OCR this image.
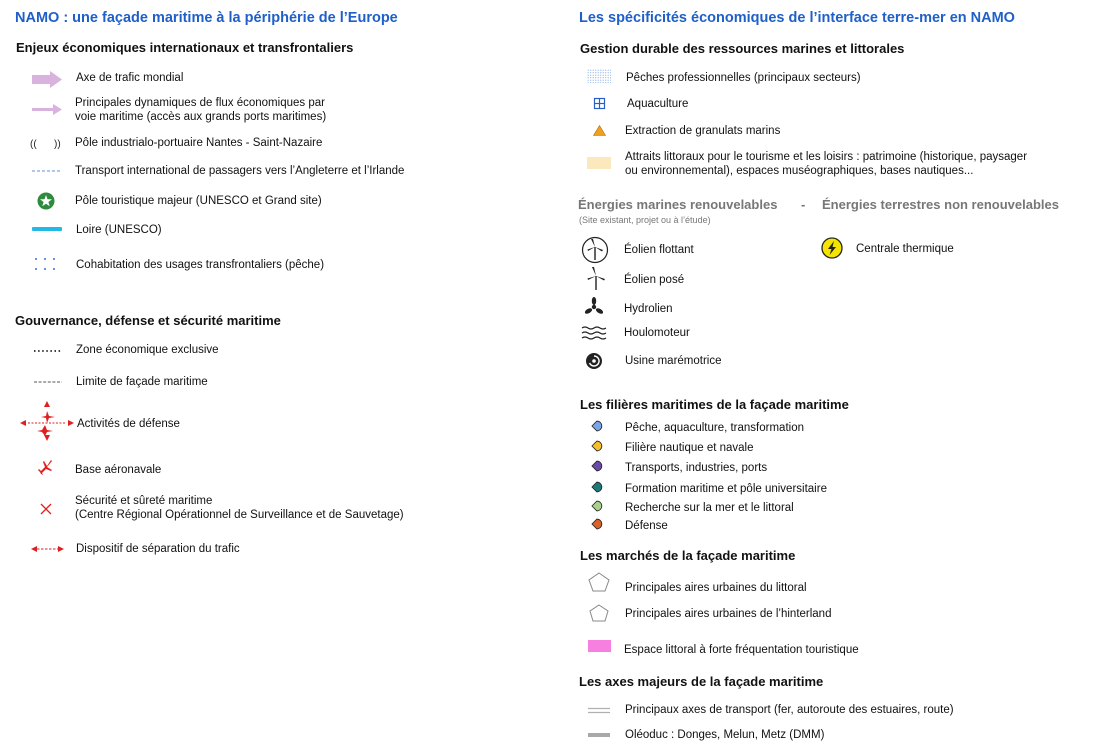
NAMO : une façade maritime à la périphérie de l’Europe
Enjeux économiques internationaux et transfrontaliers
Axe de trafic mondial
Principales dynamiques de flux économiques par
voie maritime (accès aux grands ports maritimes)
(( )) Pôle industrialo-portuaire Nantes - Saint-Nazaire
Transport international de passagers vers l’Angleterre et l’Irlande
Pôle touristique majeur (UNESCO et Grand site)
Loire (UNESCO)
Cohabitation des usages transfrontaliers (pêche)
Gouvernance, défense et sécurité maritime
Zone économique exclusive
Limite de façade maritime
Activités de défense
Base aéronavale
Sécurité et sûreté maritime
(Centre Régional Opérationnel de Surveillance et de Sauvetage)
Dispositif de séparation du trafic
Les spécificités économiques de l’interface terre-mer en NAMO
Gestion durable des ressources marines et littorales
Pêches professionnelles (principaux secteurs)
Aquaculture
Extraction de granulats marins
Attraits littoraux pour le tourisme et les loisirs : patrimoine (historique, paysager
ou environnemental), espaces muséographiques, bases nautiques...
Énergies marines renouvelables - Énergies terrestres non renouvelables
(Site existant, projet ou à l’étude)
Éolien flottant
Éolien posé
Hydrolien
Houlomoteur
Usine marémotrice
Centrale thermique
Les filières maritimes de la façade maritime
Pêche, aquaculture, transformation
Filière nautique et navale
Transports, industries, ports
Formation maritime et pôle universitaire
Recherche sur la mer et le littoral
Défense
Les marchés de la façade maritime
Principales aires urbaines du littoral
Principales aires urbaines de l’hinterland
Espace littoral à forte fréquentation touristique
Les axes majeurs de la façade maritime
Principaux axes de transport (fer, autoroute des estuaires, route)
Oléoduc : Donges, Melun, Metz (DMM)
